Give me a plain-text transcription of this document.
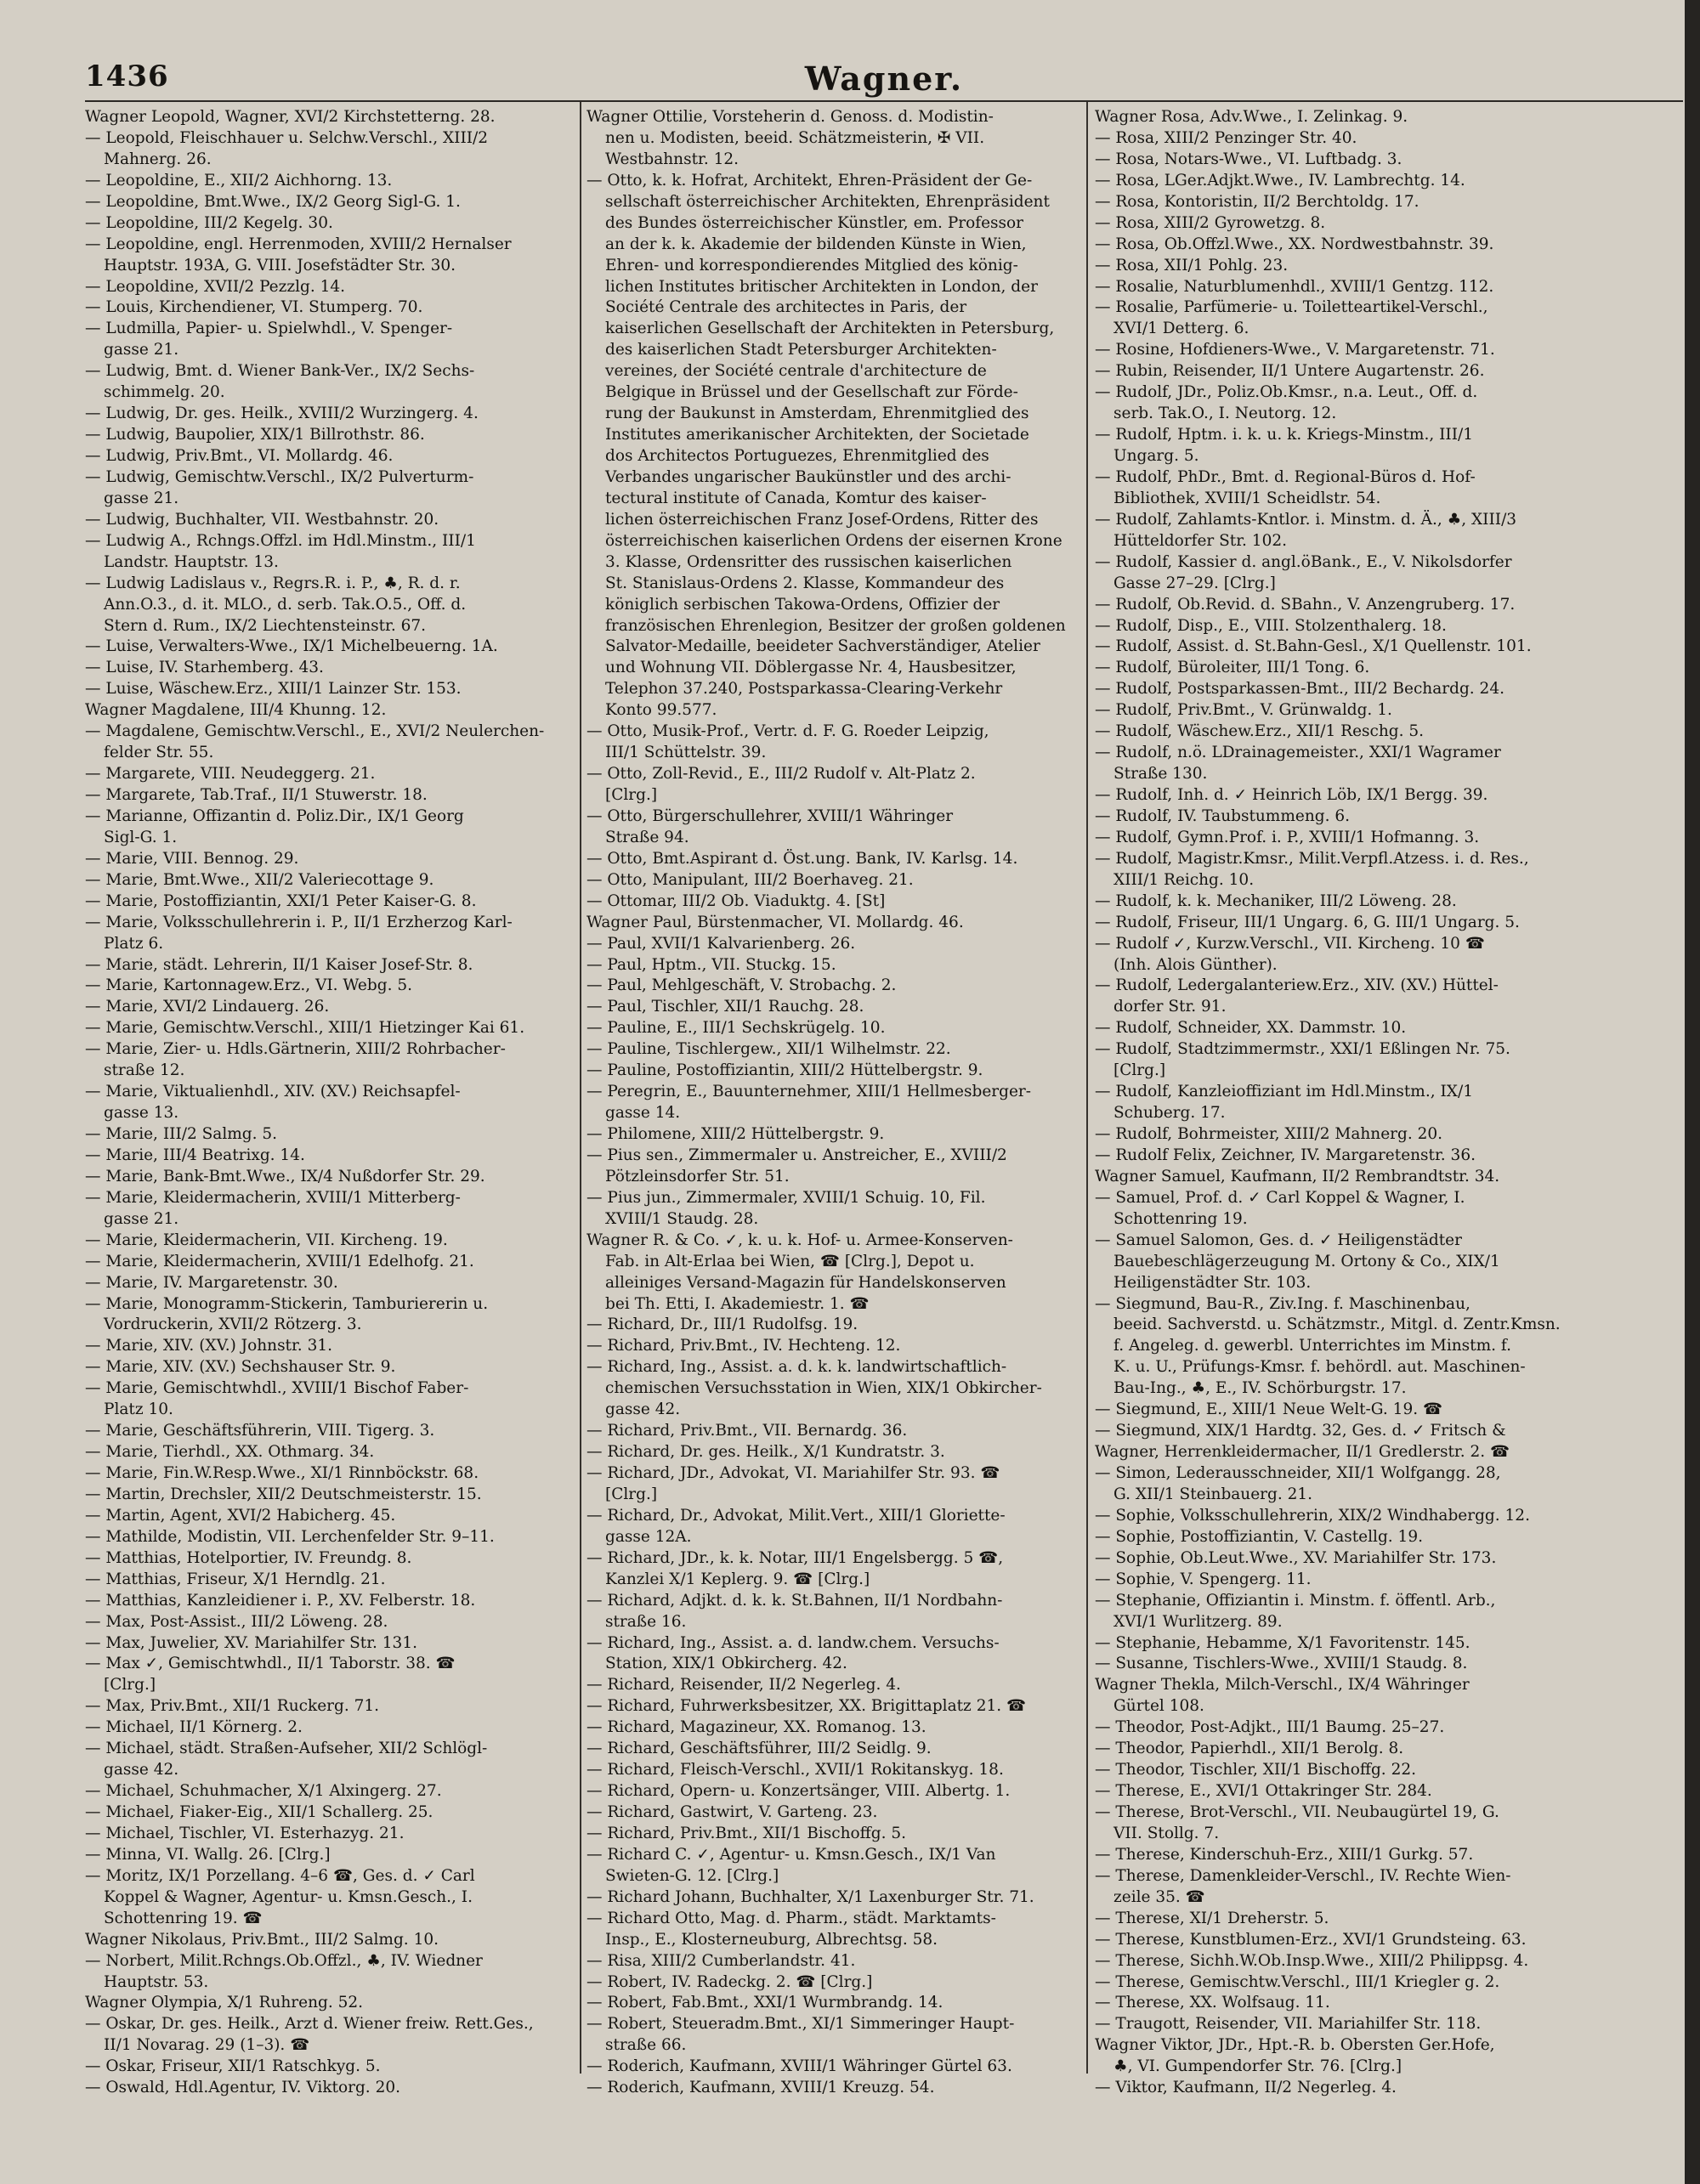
1436	Wagner.
Wagner Leopold, Wagner, XVI/2 Kirchstetterng. 28.
— Leopold, Fleischhauer u. Selchw.Verschl., XIII/2
Mahnerg. 26.
— Leopoldine, E., XII/2 Aichhorng. 13.
— Leopoldine, Bmt.Wwe., IX/2 Georg Sigl-G. 1.
— Leopoldine, III/2 Kegelg. 30.
— Leopoldine, engl. Herrenmoden, XVIII/2 Hernalser
Hauptstr. 193A, G. VIII. Josefstädter Str. 30.
— Leopoldine, XVII/2 Pezzlg. 14.
— Louis, Kirchendiener, VI. Stumperg. 70.
— Ludmilla, Papier- u. Spielwhdl., V. Spenger-
gasse 21.
— Ludwig, Bmt. d. Wiener Bank-Ver., IX/2 Sechs-
schimmelg. 20.
— Ludwig, Dr. ges. Heilk., XVIII/2 Wurzingerg. 4.
— Ludwig, Baupolier, XIX/1 Billrothstr. 86.
— Ludwig, Priv.Bmt., VI. Mollardg. 46.
— Ludwig, Gemischtw.Verschl., IX/2 Pulverturm-
gasse 21.
— Ludwig, Buchhalter, VII. Westbahnstr. 20.
— Ludwig A., Rchngs.Offzl. im Hdl.Minstm., III/1
Landstr. Hauptstr. 13.
— Ludwig Ladislaus v., Regrs.R. i. P., ♣, R. d. r.
Ann.O.3., d. it. MLO., d. serb. Tak.O.5., Off. d.
Stern d. Rum., IX/2 Liechtensteinstr. 67.
— Luise, Verwalters-Wwe., IX/1 Michelbeuerng. 1A.
— Luise, IV. Starhemberg. 43.
— Luise, Wäschew.Erz., XIII/1 Lainzer Str. 153.
Wagner Magdalene, III/4 Khunng. 12.
— Magdalene, Gemischtw.Verschl., E., XVI/2 Neulerchen-
felder Str. 55.
— Margarete, VIII. Neudeggerg. 21.
— Margarete, Tab.Traf., II/1 Stuwerstr. 18.
— Marianne, Offizantin d. Poliz.Dir., IX/1 Georg
Sigl-G. 1.
— Marie, VIII. Bennog. 29.
— Marie, Bmt.Wwe., XII/2 Valeriecottage 9.
— Marie, Postoffiziantin, XXI/1 Peter Kaiser-G. 8.
— Marie, Volksschullehrerin i. P., II/1 Erzherzog Karl-
Platz 6.
— Marie, städt. Lehrerin, II/1 Kaiser Josef-Str. 8.
— Marie, Kartonnagew.Erz., VI. Webg. 5.
— Marie, XVI/2 Lindauerg. 26.
— Marie, Gemischtw.Verschl., XIII/1 Hietzinger Kai 61.
— Marie, Zier- u. Hdls.Gärtnerin, XIII/2 Rohrbacher-
straße 12.
— Marie, Viktualienhdl., XIV. (XV.) Reichsapfel-
gasse 13.
— Marie, III/2 Salmg. 5.
— Marie, III/4 Beatrixg. 14.
— Marie, Bank-Bmt.Wwe., IX/4 Nußdorfer Str. 29.
— Marie, Kleidermacherin, XVIII/1 Mitterberg-
gasse 21.
— Marie, Kleidermacherin, VII. Kircheng. 19.
— Marie, Kleidermacherin, XVIII/1 Edelhofg. 21.
— Marie, IV. Margaretenstr. 30.
— Marie, Monogramm-Stickerin, Tamburiererin u.
Vordruckerin, XVII/2 Rötzerg. 3.
— Marie, XIV. (XV.) Johnstr. 31.
— Marie, XIV. (XV.) Sechshauser Str. 9.
— Marie, Gemischtwhdl., XVIII/1 Bischof Faber-
Platz 10.
— Marie, Geschäftsführerin, VIII. Tigerg. 3.
— Marie, Tierhdl., XX. Othmarg. 34.
— Marie, Fin.W.Resp.Wwe., XI/1 Rinnböckstr. 68.
— Martin, Drechsler, XII/2 Deutschmeisterstr. 15.
— Martin, Agent, XVI/2 Habicherg. 45.
— Mathilde, Modistin, VII. Lerchenfelder Str. 9–11.
— Matthias, Hotelportier, IV. Freundg. 8.
— Matthias, Friseur, X/1 Herndlg. 21.
— Matthias, Kanzleidiener i. P., XV. Felberstr. 18.
— Max, Post-Assist., III/2 Löweng. 28.
— Max, Juwelier, XV. Mariahilfer Str. 131.
— Max ✓, Gemischtwhdl., II/1 Taborstr. 38. ☎
[Clrg.]
— Max, Priv.Bmt., XII/1 Ruckerg. 71.
— Michael, II/1 Körnerg. 2.
— Michael, städt. Straßen-Aufseher, XII/2 Schlögl-
gasse 42.
— Michael, Schuhmacher, X/1 Alxingerg. 27.
— Michael, Fiaker-Eig., XII/1 Schallerg. 25.
— Michael, Tischler, VI. Esterhazyg. 21.
— Minna, VI. Wallg. 26. [Clrg.]
— Moritz, IX/1 Porzellang. 4–6 ☎, Ges. d. ✓ Carl
Koppel & Wagner, Agentur- u. Kmsn.Gesch., I.
Schottenring 19. ☎
Wagner Nikolaus, Priv.Bmt., III/2 Salmg. 10.
— Norbert, Milit.Rchngs.Ob.Offzl., ♣, IV. Wiedner
Hauptstr. 53.
Wagner Olympia, X/1 Ruhreng. 52.
— Oskar, Dr. ges. Heilk., Arzt d. Wiener freiw. Rett.Ges.,
II/1 Novarag. 29 (1–3). ☎
— Oskar, Friseur, XII/1 Ratschkyg. 5.
— Oswald, Hdl.Agentur, IV. Viktorg. 20.
Wagner Ottilie, Vorsteherin d. Genoss. d. Modistin-
nen u. Modisten, beeid. Schätzmeisterin, ✠ VII.
Westbahnstr. 12.
— Otto, k. k. Hofrat, Architekt, Ehren-Präsident der Ge-
sellschaft österreichischer Architekten, Ehrenpräsident
des Bundes österreichischer Künstler, em. Professor
an der k. k. Akademie der bildenden Künste in Wien,
Ehren- und korrespondierendes Mitglied des könig-
lichen Institutes britischer Architekten in London, der
Société Centrale des architectes in Paris, der
kaiserlichen Gesellschaft der Architekten in Petersburg,
des kaiserlichen Stadt Petersburger Architekten-
vereines, der Société centrale d'architecture de
Belgique in Brüssel und der Gesellschaft zur Förde-
rung der Baukunst in Amsterdam, Ehrenmitglied des
Institutes amerikanischer Architekten, der Societade
dos Architectos Portuguezes, Ehrenmitglied des
Verbandes ungarischer Baukünstler und des archi-
tectural institute of Canada, Komtur des kaiser-
lichen österreichischen Franz Josef-Ordens, Ritter des
österreichischen kaiserlichen Ordens der eisernen Krone
3. Klasse, Ordensritter des russischen kaiserlichen
St. Stanislaus-Ordens 2. Klasse, Kommandeur des
königlich serbischen Takowa-Ordens, Offizier der
französischen Ehrenlegion, Besitzer der großen goldenen
Salvator-Medaille, beeideter Sachverständiger, Atelier
und Wohnung VII. Döblergasse Nr. 4, Hausbesitzer,
Telephon 37.240, Postsparkassa-Clearing-Verkehr
Konto 99.577.
— Otto, Musik-Prof., Vertr. d. F. G. Roeder Leipzig,
III/1 Schüttelstr. 39.
— Otto, Zoll-Revid., E., III/2 Rudolf v. Alt-Platz 2.
[Clrg.]
— Otto, Bürgerschullehrer, XVIII/1 Währinger
Straße 94.
— Otto, Bmt.Aspirant d. Öst.ung. Bank, IV. Karlsg. 14.
— Otto, Manipulant, III/2 Boerhaveg. 21.
— Ottomar, III/2 Ob. Viaduktg. 4. [St]
Wagner Paul, Bürstenmacher, VI. Mollardg. 46.
— Paul, XVII/1 Kalvarienberg. 26.
— Paul, Hptm., VII. Stuckg. 15.
— Paul, Mehlgeschäft, V. Strobachg. 2.
— Paul, Tischler, XII/1 Rauchg. 28.
— Pauline, E., III/1 Sechskrügelg. 10.
— Pauline, Tischlergew., XII/1 Wilhelmstr. 22.
— Pauline, Postoffiziantin, XIII/2 Hüttelbergstr. 9.
— Peregrin, E., Bauunternehmer, XIII/1 Hellmesberger-
gasse 14.
— Philomene, XIII/2 Hüttelbergstr. 9.
— Pius sen., Zimmermaler u. Anstreicher, E., XVIII/2
Pötzleinsdorfer Str. 51.
— Pius jun., Zimmermaler, XVIII/1 Schuig. 10, Fil.
XVIII/1 Staudg. 28.
Wagner R. & Co. ✓, k. u. k. Hof- u. Armee-Konserven-
Fab. in Alt-Erlaa bei Wien, ☎ [Clrg.], Depot u.
alleiniges Versand-Magazin für Handelskonserven
bei Th. Etti, I. Akademiestr. 1. ☎
— Richard, Dr., III/1 Rudolfsg. 19.
— Richard, Priv.Bmt., IV. Hechteng. 12.
— Richard, Ing., Assist. a. d. k. k. landwirtschaftlich-
chemischen Versuchsstation in Wien, XIX/1 Obkircher-
gasse 42.
— Richard, Priv.Bmt., VII. Bernardg. 36.
— Richard, Dr. ges. Heilk., X/1 Kundratstr. 3.
— Richard, JDr., Advokat, VI. Mariahilfer Str. 93. ☎
[Clrg.]
— Richard, Dr., Advokat, Milit.Vert., XIII/1 Gloriette-
gasse 12A.
— Richard, JDr., k. k. Notar, III/1 Engelsbergg. 5 ☎,
Kanzlei X/1 Keplerg. 9. ☎ [Clrg.]
— Richard, Adjkt. d. k. k. St.Bahnen, II/1 Nordbahn-
straße 16.
— Richard, Ing., Assist. a. d. landw.chem. Versuchs-
Station, XIX/1 Obkircherg. 42.
— Richard, Reisender, II/2 Negerleg. 4.
— Richard, Fuhrwerksbesitzer, XX. Brigittaplatz 21. ☎
— Richard, Magazineur, XX. Romanog. 13.
— Richard, Geschäftsführer, III/2 Seidlg. 9.
— Richard, Fleisch-Verschl., XVII/1 Rokitanskyg. 18.
— Richard, Opern- u. Konzertsänger, VIII. Albertg. 1.
— Richard, Gastwirt, V. Garteng. 23.
— Richard, Priv.Bmt., XII/1 Bischoffg. 5.
— Richard C. ✓, Agentur- u. Kmsn.Gesch., IX/1 Van
Swieten-G. 12. [Clrg.]
— Richard Johann, Buchhalter, X/1 Laxenburger Str. 71.
— Richard Otto, Mag. d. Pharm., städt. Marktamts-
Insp., E., Klosterneuburg, Albrechtsg. 58.
— Risa, XIII/2 Cumberlandstr. 41.
— Robert, IV. Radeckg. 2. ☎ [Clrg.]
— Robert, Fab.Bmt., XXI/1 Wurmbrandg. 14.
— Robert, Steueradm.Bmt., XI/1 Simmeringer Haupt-
straße 66.
— Roderich, Kaufmann, XVIII/1 Währinger Gürtel 63.
— Roderich, Kaufmann, XVIII/1 Kreuzg. 54.
Wagner Rosa, Adv.Wwe., I. Zelinkag. 9.
— Rosa, XIII/2 Penzinger Str. 40.
— Rosa, Notars-Wwe., VI. Luftbadg. 3.
— Rosa, LGer.Adjkt.Wwe., IV. Lambrechtg. 14.
— Rosa, Kontoristin, II/2 Berchtoldg. 17.
— Rosa, XIII/2 Gyrowetzg. 8.
— Rosa, Ob.Offzl.Wwe., XX. Nordwestbahnstr. 39.
— Rosa, XII/1 Pohlg. 23.
— Rosalie, Naturblumenhdl., XVIII/1 Gentzg. 112.
— Rosalie, Parfümerie- u. Toiletteartikel-Verschl.,
XVI/1 Detterg. 6.
— Rosine, Hofdieners-Wwe., V. Margaretenstr. 71.
— Rubin, Reisender, II/1 Untere Augartenstr. 26.
— Rudolf, JDr., Poliz.Ob.Kmsr., n.a. Leut., Off. d.
serb. Tak.O., I. Neutorg. 12.
— Rudolf, Hptm. i. k. u. k. Kriegs-Minstm., III/1
Ungarg. 5.
— Rudolf, PhDr., Bmt. d. Regional-Büros d. Hof-
Bibliothek, XVIII/1 Scheidlstr. 54.
— Rudolf, Zahlamts-Kntlor. i. Minstm. d. Ä., ♣, XIII/3
Hütteldorfer Str. 102.
— Rudolf, Kassier d. angl.öBank., E., V. Nikolsdorfer
Gasse 27–29. [Clrg.]
— Rudolf, Ob.Revid. d. SBahn., V. Anzengruberg. 17.
— Rudolf, Disp., E., VIII. Stolzenthalerg. 18.
— Rudolf, Assist. d. St.Bahn-Gesl., X/1 Quellenstr. 101.
— Rudolf, Büroleiter, III/1 Tong. 6.
— Rudolf, Postsparkassen-Bmt., III/2 Bechardg. 24.
— Rudolf, Priv.Bmt., V. Grünwaldg. 1.
— Rudolf, Wäschew.Erz., XII/1 Reschg. 5.
— Rudolf, n.ö. LDrainagemeister., XXI/1 Wagramer
Straße 130.
— Rudolf, Inh. d. ✓ Heinrich Löb, IX/1 Bergg. 39.
— Rudolf, IV. Taubstummeng. 6.
— Rudolf, Gymn.Prof. i. P., XVIII/1 Hofmanng. 3.
— Rudolf, Magistr.Kmsr., Milit.Verpfl.Atzess. i. d. Res.,
XIII/1 Reichg. 10.
— Rudolf, k. k. Mechaniker, III/2 Löweng. 28.
— Rudolf, Friseur, III/1 Ungarg. 6, G. III/1 Ungarg. 5.
— Rudolf ✓, Kurzw.Verschl., VII. Kircheng. 10 ☎
(Inh. Alois Günther).
— Rudolf, Ledergalanteriew.Erz., XIV. (XV.) Hüttel-
dorfer Str. 91.
— Rudolf, Schneider, XX. Dammstr. 10.
— Rudolf, Stadtzimmermstr., XXI/1 Eßlingen Nr. 75.
[Clrg.]
— Rudolf, Kanzleioffiziant im Hdl.Minstm., IX/1
Schuberg. 17.
— Rudolf, Bohrmeister, XIII/2 Mahnerg. 20.
— Rudolf Felix, Zeichner, IV. Margaretenstr. 36.
Wagner Samuel, Kaufmann, II/2 Rembrandtstr. 34.
— Samuel, Prof. d. ✓ Carl Koppel & Wagner, I.
Schottenring 19.
— Samuel Salomon, Ges. d. ✓ Heiligenstädter
Bauebeschlägerzeugung M. Ortony & Co., XIX/1
Heiligenstädter Str. 103.
— Siegmund, Bau-R., Ziv.Ing. f. Maschinenbau,
beeid. Sachverstd. u. Schätzmstr., Mitgl. d. Zentr.Kmsn.
f. Angeleg. d. gewerbl. Unterrichtes im Minstm. f.
K. u. U., Prüfungs-Kmsr. f. behördl. aut. Maschinen-
Bau-Ing., ♣, E., IV. Schörburgstr. 17.
— Siegmund, E., XIII/1 Neue Welt-G. 19. ☎
— Siegmund, XIX/1 Hardtg. 32, Ges. d. ✓ Fritsch &
Wagner, Herrenkleidermacher, II/1 Gredlerstr. 2. ☎
— Simon, Lederausschneider, XII/1 Wolfgangg. 28,
G. XII/1 Steinbauerg. 21.
— Sophie, Volksschullehrerin, XIX/2 Windhabergg. 12.
— Sophie, Postoffiziantin, V. Castellg. 19.
— Sophie, Ob.Leut.Wwe., XV. Mariahilfer Str. 173.
— Sophie, V. Spengerg. 11.
— Stephanie, Offiziantin i. Minstm. f. öffentl. Arb.,
XVI/1 Wurlitzerg. 89.
— Stephanie, Hebamme, X/1 Favoritenstr. 145.
— Susanne, Tischlers-Wwe., XVIII/1 Staudg. 8.
Wagner Thekla, Milch-Verschl., IX/4 Währinger
Gürtel 108.
— Theodor, Post-Adjkt., III/1 Baumg. 25–27.
— Theodor, Papierhdl., XII/1 Berolg. 8.
— Theodor, Tischler, XII/1 Bischoffg. 22.
— Therese, E., XVI/1 Ottakringer Str. 284.
— Therese, Brot-Verschl., VII. Neubaugürtel 19, G.
VII. Stollg. 7.
— Therese, Kinderschuh-Erz., XIII/1 Gurkg. 57.
— Therese, Damenkleider-Verschl., IV. Rechte Wien-
zeile 35. ☎
— Therese, XI/1 Dreherstr. 5.
— Therese, Kunstblumen-Erz., XVI/1 Grundsteing. 63.
— Therese, Sichh.W.Ob.Insp.Wwe., XIII/2 Philippsg. 4.
— Therese, Gemischtw.Verschl., III/1 Kriegler g. 2.
— Therese, XX. Wolfsaug. 11.
— Traugott, Reisender, VII. Mariahilfer Str. 118.
Wagner Viktor, JDr., Hpt.-R. b. Obersten Ger.Hofe,
♣, VI. Gumpendorfer Str. 76. [Clrg.]
— Viktor, Kaufmann, II/2 Negerleg. 4.
